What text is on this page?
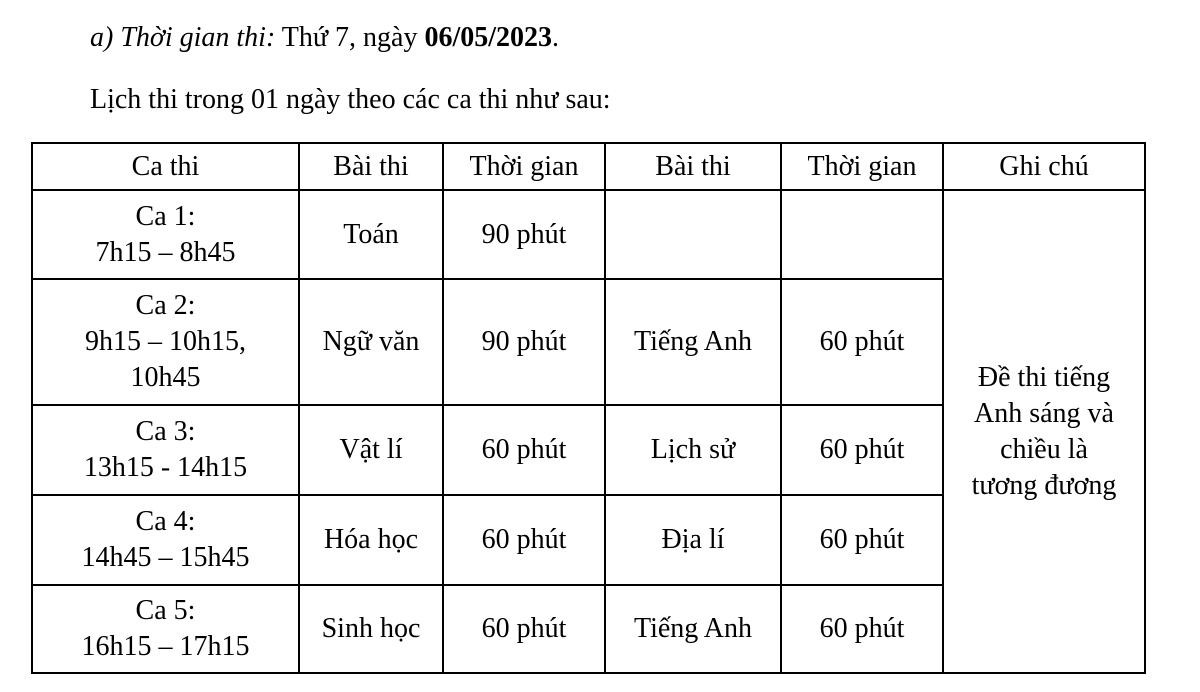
a) Thời gian thi: Thứ 7, ngày 06/05/2023.
Lịch thi trong 01 ngày theo các ca thi như sau:
Ca thi	Bài thi	Thời gian	Bài thi	Thời gian	Ghi chú

Ca 1:
7h15 – 8h45	Toán	90 phút			Đề thi tiếng
Anh sáng và
chiều là
tương đương

Ca 2:
9h15 – 10h15,
10h45	Ngữ văn	90 phút	Tiếng Anh	60 phút	

Ca 3:
13h15 - 14h15	Vật lí	60 phút	Lịch sử	60 phút	

Ca 4:
14h45 – 15h45	Hóa học	60 phút	Địa lí	60 phút	

Ca 5:
16h15 – 17h15	Sinh học	60 phút	Tiếng Anh	60 phút	
